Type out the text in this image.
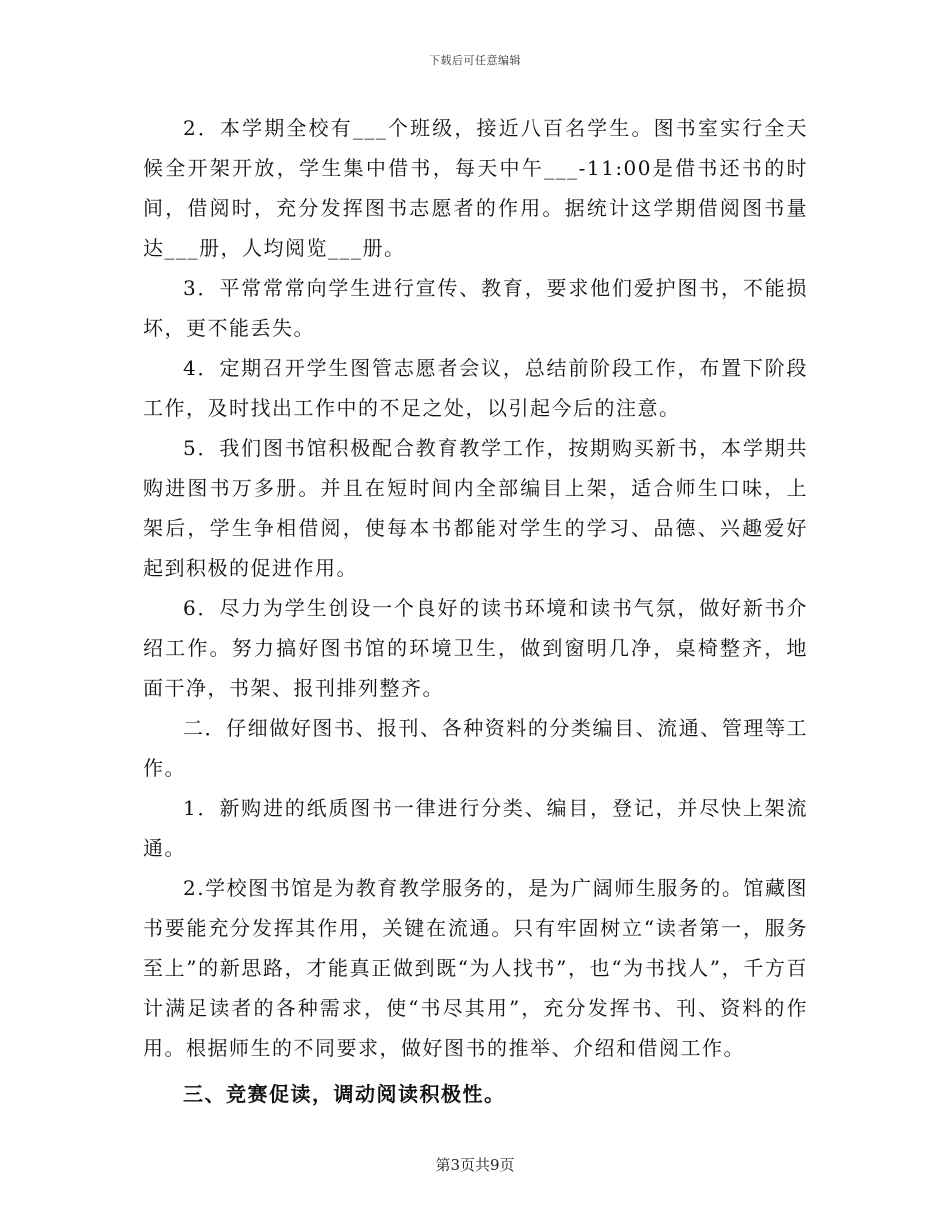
下载后可任意编辑

2．本学期全校有___个班级，接近八百名学生。图书室实行全天候全开架开放，学生集中借书，每天中午___-11:00是借书还书的时间，借阅时，充分发挥图书志愿者的作用。据统计这学期借阅图书量达___册，人均阅览___册。

3．平常常常向学生进行宣传、教育，要求他们爱护图书，不能损坏，更不能丢失。

4．定期召开学生图管志愿者会议，总结前阶段工作，布置下阶段工作，及时找出工作中的不足之处，以引起今后的注意。

5．我们图书馆积极配合教育教学工作，按期购买新书，本学期共购进图书万多册。并且在短时间内全部编目上架，适合师生口味，上架后，学生争相借阅，使每本书都能对学生的学习、品德、兴趣爱好起到积极的促进作用。

6．尽力为学生创设一个良好的读书环境和读书气氛，做好新书介绍工作。努力搞好图书馆的环境卫生，做到窗明几净，桌椅整齐，地面干净，书架、报刊排列整齐。

二．仔细做好图书、报刊、各种资料的分类编目、流通、管理等工作。

1．新购进的纸质图书一律进行分类、编目，登记，并尽快上架流通。

2.学校图书馆是为教育教学服务的，是为广阔师生服务的。馆藏图书要能充分发挥其作用，关键在流通。只有牢固树立“读者第一，服务至上”的新思路，才能真正做到既“为人找书”，也“为书找人”，千方百计满足读者的各种需求，使“书尽其用”，充分发挥书、刊、资料的作用。根据师生的不同要求，做好图书的推举、介绍和借阅工作。

三、竞赛促读，调动阅读积极性。

第3页共9页
